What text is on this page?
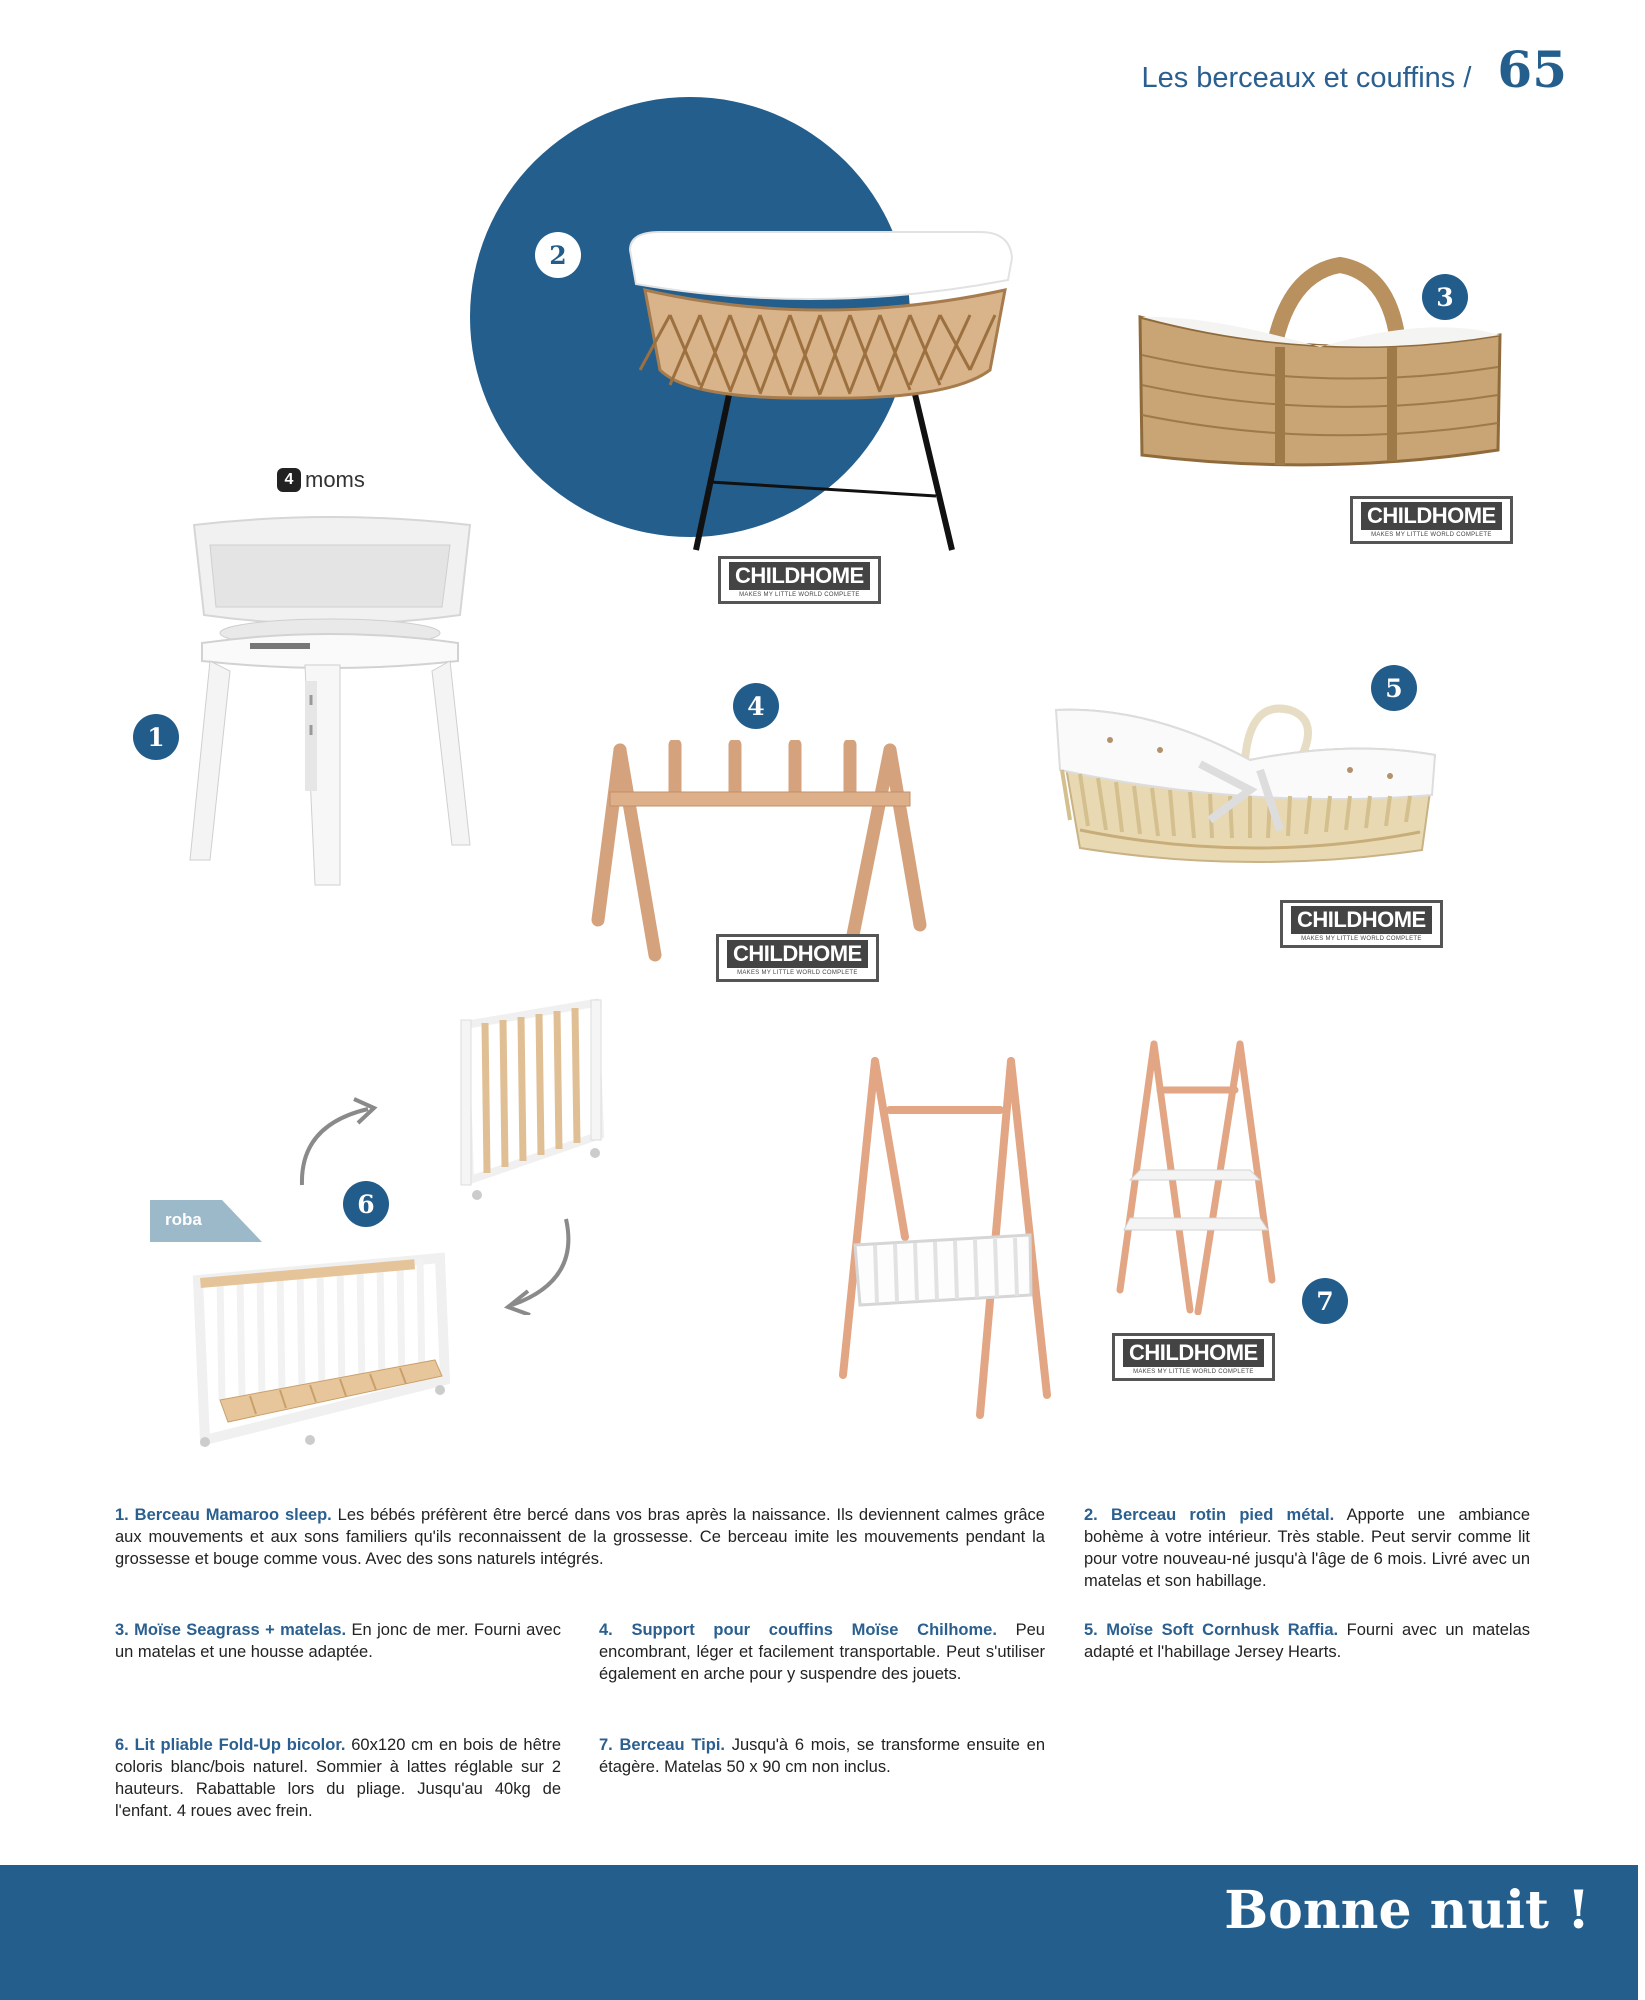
Les berceaux et couffins / 65
2
CHILDHOME
MAKES MY LITTLE WORLD COMPLETE
3
CHILDHOME
MAKES MY LITTLE WORLD COMPLETE
4 moms
1
4
CHILDHOME
MAKES MY LITTLE WORLD COMPLETE
5
CHILDHOME
MAKES MY LITTLE WORLD COMPLETE
roba
6
7
CHILDHOME
MAKES MY LITTLE WORLD COMPLETE
1. Berceau Mamaroo sleep. Les bébés préfèrent être bercé dans vos bras après la naissance. Ils deviennent calmes grâce aux mouvements et aux sons familiers qu'ils reconnaissent de la grossesse. Ce berceau imite les mouvements pendant la grossesse et bouge comme vous. Avec des sons naturels intégrés.
2. Berceau rotin pied métal. Apporte une ambiance bohème à votre intérieur. Très stable. Peut servir comme lit pour votre nouveau-né jusqu'à l'âge de 6 mois. Livré avec un matelas et son habillage.
3. Moïse Seagrass + matelas. En jonc de mer. Fourni avec un matelas et une housse adaptée.
4. Support pour couffins Moïse Chilhome. Peu encombrant, léger et facilement transportable. Peut s'utiliser également en arche pour y suspendre des jouets.
5. Moïse Soft Cornhusk Raffia. Fourni avec un matelas adapté et l'habillage Jersey Hearts.
6. Lit pliable Fold-Up bicolor. 60x120 cm en bois de hêtre coloris blanc/bois naturel. Sommier à lattes réglable sur 2 hauteurs. Rabattable lors du pliage. Jusqu'au 40kg de l'enfant. 4 roues avec frein.
7. Berceau Tipi. Jusqu'à 6 mois, se transforme ensuite en étagère. Matelas 50 x 90 cm non inclus.
Bonne nuit !
